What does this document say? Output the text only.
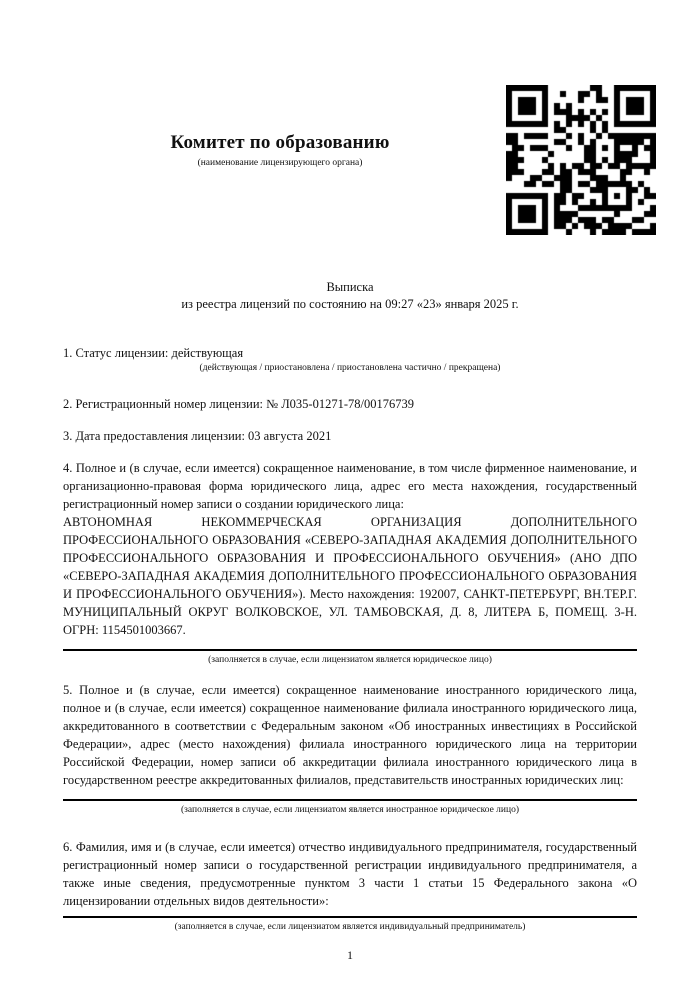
Комитет по образованию
(наименование лицензирующего органа)
Выписка
из реестра лицензий по состоянию на 09:27 «23» января 2025 г.
1. Статус лицензии: действующая
(действующая / приостановлена / приостановлена частично / прекращена)
2. Регистрационный номер лицензии: № Л035-01271-78/00176739
3. Дата предоставления лицензии: 03 августа 2021

4. Полное и (в случае, если имеется) сокращенное наименование, в том числе фирменное наименование, и организационно-правовая форма юридического лица, адрес его места нахождения, государственный регистрационный номер записи о создании юридического лица:

АВТОНОМНАЯ НЕКОММЕРЧЕСКАЯ ОРГАНИЗАЦИЯ ДОПОЛНИТЕЛЬНОГО ПРОФЕССИОНАЛЬНОГО ОБРАЗОВАНИЯ «СЕВЕРО-ЗАПАДНАЯ АКАДЕМИЯ ДОПОЛНИТЕЛЬНОГО ПРОФЕССИОНАЛЬНОГО ОБРАЗОВАНИЯ И ПРОФЕССИОНАЛЬНОГО ОБУЧЕНИЯ» (АНО ДПО «СЕВЕРО-ЗАПАДНАЯ АКАДЕМИЯ ДОПОЛНИТЕЛЬНОГО ПРОФЕССИОНАЛЬНОГО ОБРАЗОВАНИЯ И ПРОФЕССИОНАЛЬНОГО ОБУЧЕНИЯ»). Место нахождения: 192007, САНКТ-ПЕТЕРБУРГ, ВН.ТЕР.Г. МУНИЦИПАЛЬНЫЙ ОКРУГ ВОЛКОВСКОЕ, УЛ. ТАМБОВСКАЯ, Д. 8, ЛИТЕРА Б, ПОМЕЩ. 3-Н. ОГРН: 1154501003667.

(заполняется в случае, если лицензиатом является юридическое лицо)

5. Полное и (в случае, если имеется) сокращенное наименование иностранного юридического лица, полное и (в случае, если имеется) сокращенное наименование филиала иностранного юридического лица, аккредитованного в соответствии с Федеральным законом «Об иностранных инвестициях в Российской Федерации», адрес (место нахождения) филиала иностранного юридического лица на территории Российской Федерации, номер записи об аккредитации филиала иностранного юридического лица в государственном реестре аккредитованных филиалов, представительств иностранных юридических лиц:

(заполняется в случае, если лицензиатом является иностранное юридическое лицо)

6. Фамилия, имя и (в случае, если имеется) отчество индивидуального предпринимателя, государственный регистрационный номер записи о государственной регистрации индивидуального предпринимателя, а также иные сведения, предусмотренные пунктом 3 части 1 статьи 15 Федерального закона «О лицензировании отдельных видов деятельности»:

(заполняется в случае, если лицензиатом является индивидуальный предприниматель)
1
